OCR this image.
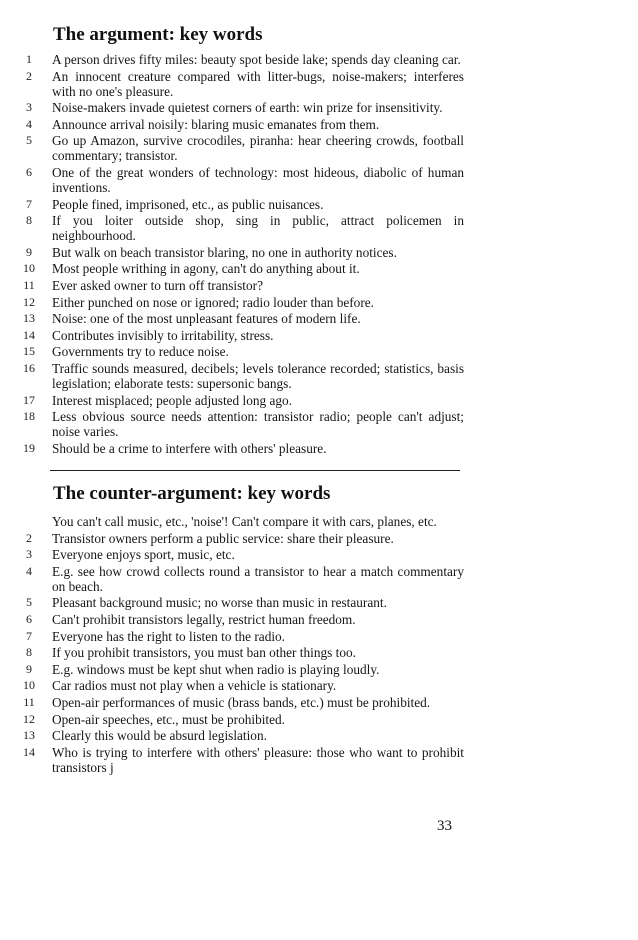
The argument: key words
1	A person drives fifty miles: beauty spot beside lake; spends day cleaning car.
2	An innocent creature compared with litter-bugs, noise-makers; interferes with no one's pleasure.
3	Noise-makers invade quietest corners of earth: win prize for insensitivity.
4	Announce arrival noisily: blaring music emanates from them.
5	Go up Amazon, survive crocodiles, piranha: hear cheering crowds, football commentary; transistor.
6	One of the great wonders of technology: most hideous, diabolic of human inventions.
7	People fined, imprisoned, etc., as public nuisances.
8	If you loiter outside shop, sing in public, attract policemen in neighbourhood.
9	But walk on beach transistor blaring, no one in authority notices.
10	Most people writhing in agony, can't do anything about it.
11	Ever asked owner to turn off transistor?
12	Either punched on nose or ignored; radio louder than before.
13	Noise: one of the most unpleasant features of modern life.
14	Contributes invisibly to irritability, stress.
15	Governments try to reduce noise.
16	Traffic sounds measured, decibels; levels tolerance recorded; statistics, basis legislation; elaborate tests: supersonic bangs.
17	Interest misplaced; people adjusted long ago.
18	Less obvious source needs attention: transistor radio; people can't adjust; noise varies.
19	Should be a crime to interfere with others' pleasure.
The counter-argument: key words
You can't call music, etc., 'noise'! Can't compare it with cars, planes, etc.
2	Transistor owners perform a public service: share their pleasure.
3	Everyone enjoys sport, music, etc.
4	E.g. see how crowd collects round a transistor to hear a match commentary on beach.
5	Pleasant background music; no worse than music in restaurant.
6	Can't prohibit transistors legally, restrict human freedom.
7	Everyone has the right to listen to the radio.
8	If you prohibit transistors, you must ban other things too.
9	E.g. windows must be kept shut when radio is playing loudly.
10	Car radios must not play when a vehicle is stationary.
11	Open-air performances of music (brass bands, etc.) must be prohibited.
12	Open-air speeches, etc., must be prohibited.
13	Clearly this would be absurd legislation.
14	Who is trying to interfere with others' pleasure: those who want to prohibit transistors j
33
